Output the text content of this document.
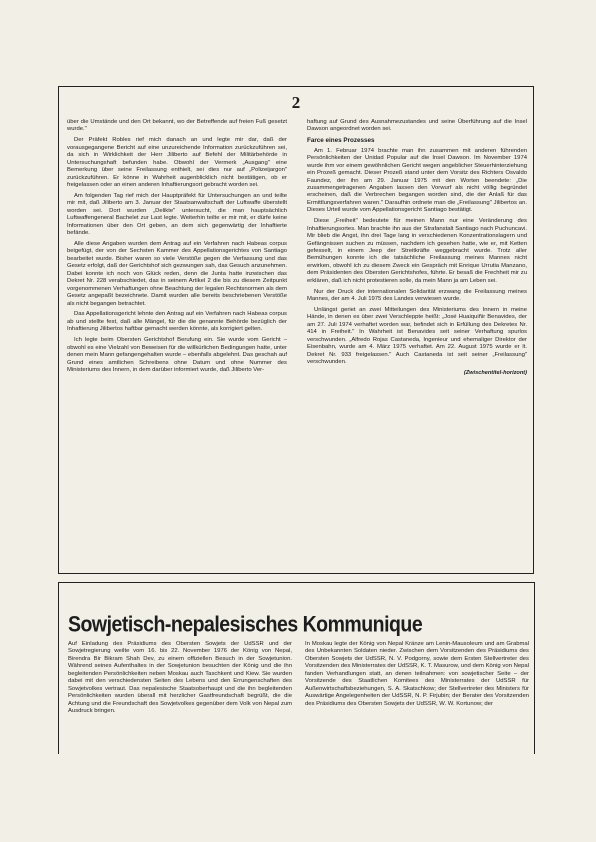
2

über die Umstände und den Ort bekannt, wo der Betreffende auf freien Fuß gesetzt wurde."

Der Präfekt Robles rief mich danach an und legte mir dar, daß der vorausgegangene Bericht auf eine unzureichende Information zurückzuführen sei, da sich in Wirklichkeit der Herr Jiliberto auf Befehl der Militärbehörde in Untersuchungshaft befunden habe. Obwohl der Vermerk „Ausgang" eine Bemerkung über seine Freilassung enthielt, sei dies nur auf „Polizeijargon" zurückzuführen. Er könne in Wahrheit augenblicklich nicht bestätigen, ob er freigelassen oder an einen anderen Inhaftierungsort gebracht worden sei.

Am folgenden Tag rief mich der Hauptpräfekt für Untersuchungen an und teilte mir mit, daß Jiliberto am 3. Januar der Staatsanwaltschaft der Luftwaffe überstellt worden sei. Dort wurden „Delikte" untersucht, die man hauptsächlich Luftwaffengeneral Bachelet zur Last legte. Weiterhin teilte er mir mit, er dürfe keine Informationen über den Ort geben, an dem sich gegenwärtig der Inhaftierte befände.

Alle diese Angaben wurden dem Antrag auf ein Verfahren nach Habeas corpus beigefügt, der von der Sechsten Kammer des Appellationsgerichtes von Santiago bearbeitet wurde. Bisher waren so viele Verstöße gegen die Verfassung und das Gesetz erfolgt, daß der Gerichtshof sich gezwungen sah, das Gesuch anzunehmen. Dabei konnte ich noch von Glück reden, denn die Junta hatte inzwischen das Dekret Nr. 228 verabschiedet, das in seinem Artikel 2 die bis zu diesem Zeitpunkt vorgenommenen Verhaftungen ohne Beachtung der legalen Rechtsnormen als dem Gesetz angepaßt bezeichnete. Damit wurden alle bereits beschriebenen Verstöße als nicht begangen betrachtet.

Das Appellationsgericht lehnte den Antrag auf ein Verfahren nach Habeas corpus ab und stellte fest, daß alle Mängel, für die die genannte Behörde bezüglich der Inhaftierung Jilibertos haftbar gemacht werden könnte, als korrigiert gelten.

Ich legte beim Obersten Gerichtshof Berufung ein. Sie wurde vom Gericht – obwohl es eine Vielzahl von Beweisen für die willkürlichen Bedingungen hatte, unter denen mein Mann gefangengehalten wurde – ebenfalls abgelehnt. Das geschah auf Grund eines amtlichen Schreibens ohne Datum und ohne Nummer des Ministeriums des Innern, in dem darüber informiert wurde, daß Jiliberto Ver-

haftung auf Grund des Ausnahmezustandes und seine Überführung auf die Insel Dawson angeordnet worden sei.

Farce eines Prozesses

Am 1. Februar 1974 brachte man ihn zusammen mit anderen führenden Persönlichkeiten der Unidad Popular auf die Insel Dawson. Im November 1974 wurde ihm vor einem gewöhnlichen Gericht wegen angeblicher Steuerhinterziehung ein Prozeß gemacht. Dieser Prozeß stand unter dem Vorsitz des Richters Osvaldo Faundez, der ihn am 29. Januar 1975 mit den Worten beendete: „Die zusammengetragenen Angaben lassen den Vorwurf als nicht völlig begründet erscheinen, daß die Verbrechen begangen worden sind, die der Anlaß für das Ermittlungsverfahren waren." Daraufhin ordnete man die „Freilassung" Jilibertos an. Dieses Urteil wurde vom Appellationsgericht Santiago bestätigt.

Diese „Freiheit" bedeutete für meinen Mann nur eine Veränderung des Inhaftierungsortes. Man brachte ihn aus der Strafanstalt Santiago nach Puchuncavi. Mir blieb die Angst, ihn drei Tage lang in verschiedenen Konzentrationslagern und Gefängnissen suchen zu müssen, nachdem ich gesehen hatte, wie er, mit Ketten gefesselt, in einem Jeep der Streitkräfte weggebracht wurde. Trotz aller Bemühungen konnte ich die tatsächliche Freilassung meines Mannes nicht erwirken, obwohl ich zu diesem Zweck ein Gespräch mit Enrique Urrutia Manzano, dem Präsidenten des Obersten Gerichtshofes, führte. Er besaß die Frechheit mir zu erklären, daß ich nicht protestieren solle, da mein Mann ja am Leben sei.

Nur der Druck der internationalen Solidarität erzwang die Freilassung meines Mannes, der am 4. Juli 1975 des Landes verwiesen wurde.

Unlängst geriet an zwei Mitteilungen des Ministeriums des Innern in meine Hände, in denen es über zwei Verschleppte heißt: „José Huaiquiñir Benavides, der am 27. Juli 1974 verhaftet worden war, befindet sich in Erfüllung des Dekretes Nr. 414 in Freiheit." In Wahrheit ist Benavides seit seiner Verhaftung spurlos verschwunden. „Alfredo Rojas Castaneda, Ingenieur und ehemaliger Direktor der Eisenbahn, wurde am 4. März 1975 verhaftet. Am 22. August 1975 wurde er lt. Dekret Nr. 933 freigelassen." Auch Castaneda ist seit seiner „Freilassung" verschwunden.

(Zwischentitel-horizont)
Sowjetisch-nepalesisches Kommunique

Auf Einladung des Präsidiums des Obersten Sowjets der UdSSR und der Sowjetregierung weilte vom 16. bis 22. November 1976 der König von Nepal, Birendra Bir Bikram Shah Dev, zu einem offiziellen Besuch in der Sowjetunion. Während seines Aufenthaltes in der Sowjetunion besuchten der König und die ihn begleitenden Persönlichkeiten neben Moskau auch Taschkent und Kiew. Sie wurden dabei mit den verschiedensten Seiten des Lebens und den Errungenschaften des Sowjetvolkes vertraut. Das nepalesische Staatsoberhaupt und die ihn begleitenden Persönlichkeiten wurden überall mit herzlicher Gastfreundschaft begrüßt, die die Achtung und die Freundschaft des Sowjetvolkes gegenüber dem Volk von Nepal zum Ausdruck bringen.

In Moskau legte der König von Nepal Kränze am Lenin-Mausoleum und am Grabmal des Unbekannten Soldaten nieder. Zwischen dem Vorsitzenden des Präsidiums des Obersten Sowjets der UdSSR, N. V. Podgorny, sowie dem Ersten Stellvertreter des Vorsitzenden des Ministerrates der UdSSR, K. T. Masurow, und dem König von Nepal fanden Verhandlungen statt, an denen teilnahmen: von sowjetischer Seite – der Vorsitzende des Staatlichen Komitees des Ministerrates der UdSSR für Außenwirtschaftsbeziehungen, S. A. Skatschkow; der Stellvertreter des Ministers für Auswärtige Angelegenheiten der UdSSR, N. P. Firjubin; der Berater des Vorsitzenden des Präsidiums des Obersten Sowjets der UdSSR, W. W. Kortunow; der
